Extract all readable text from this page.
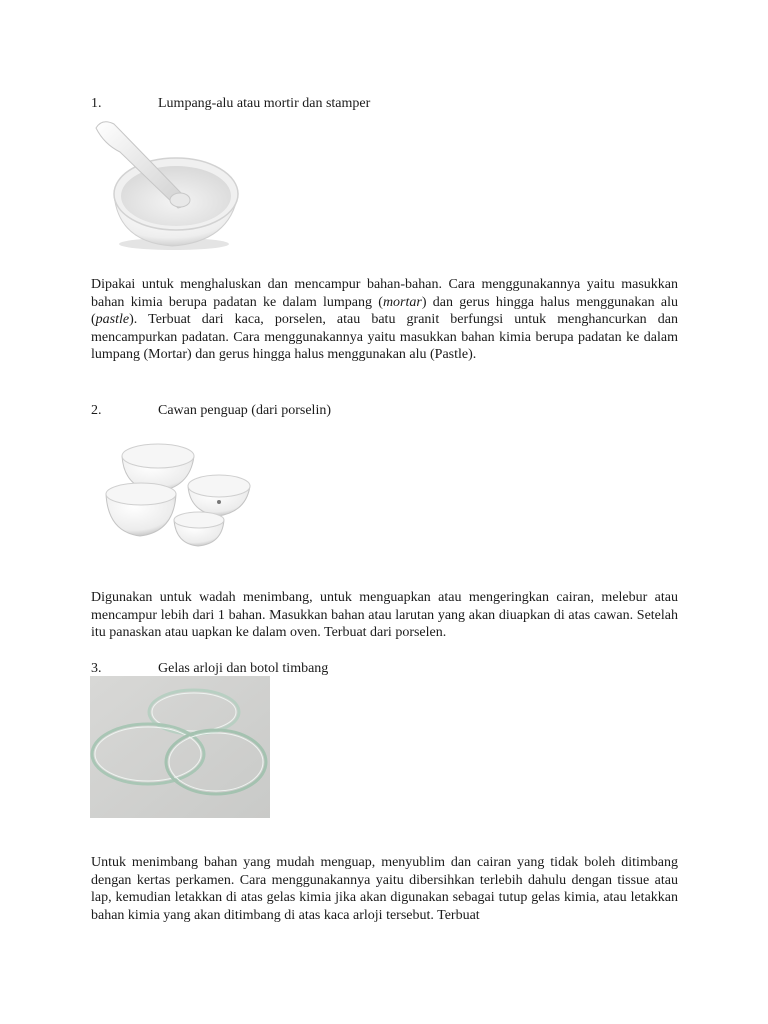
1.	Lumpang-alu atau mortir dan stamper
Dipakai untuk menghaluskan dan mencampur bahan-bahan. Cara menggunakannya yaitu masukkan bahan kimia berupa padatan ke dalam lumpang (mortar) dan gerus hingga halus menggunakan alu (pastle). Terbuat dari kaca, porselen, atau batu granit berfungsi untuk menghancurkan dan mencampurkan padatan. Cara menggunakannya yaitu masukkan bahan kimia berupa padatan ke dalam lumpang (Mortar) dan gerus hingga halus menggunakan alu (Pastle).
2.	Cawan penguap (dari porselin)
Digunakan untuk wadah menimbang, untuk menguapkan atau mengeringkan cairan, melebur atau mencampur lebih dari 1 bahan. Masukkan bahan atau larutan yang akan diuapkan di atas cawan. Setelah itu panaskan atau uapkan ke dalam oven. Terbuat dari porselen.
3.	Gelas arloji dan botol timbang
Untuk menimbang bahan yang mudah menguap, menyublim dan cairan yang tidak boleh ditimbang dengan kertas perkamen. Cara menggunakannya yaitu dibersihkan terlebih dahulu dengan tissue atau lap, kemudian letakkan di atas gelas kimia jika akan digunakan sebagai tutup gelas kimia, atau letakkan bahan kimia yang akan ditimbang di atas kaca arloji tersebut. Terbuat
